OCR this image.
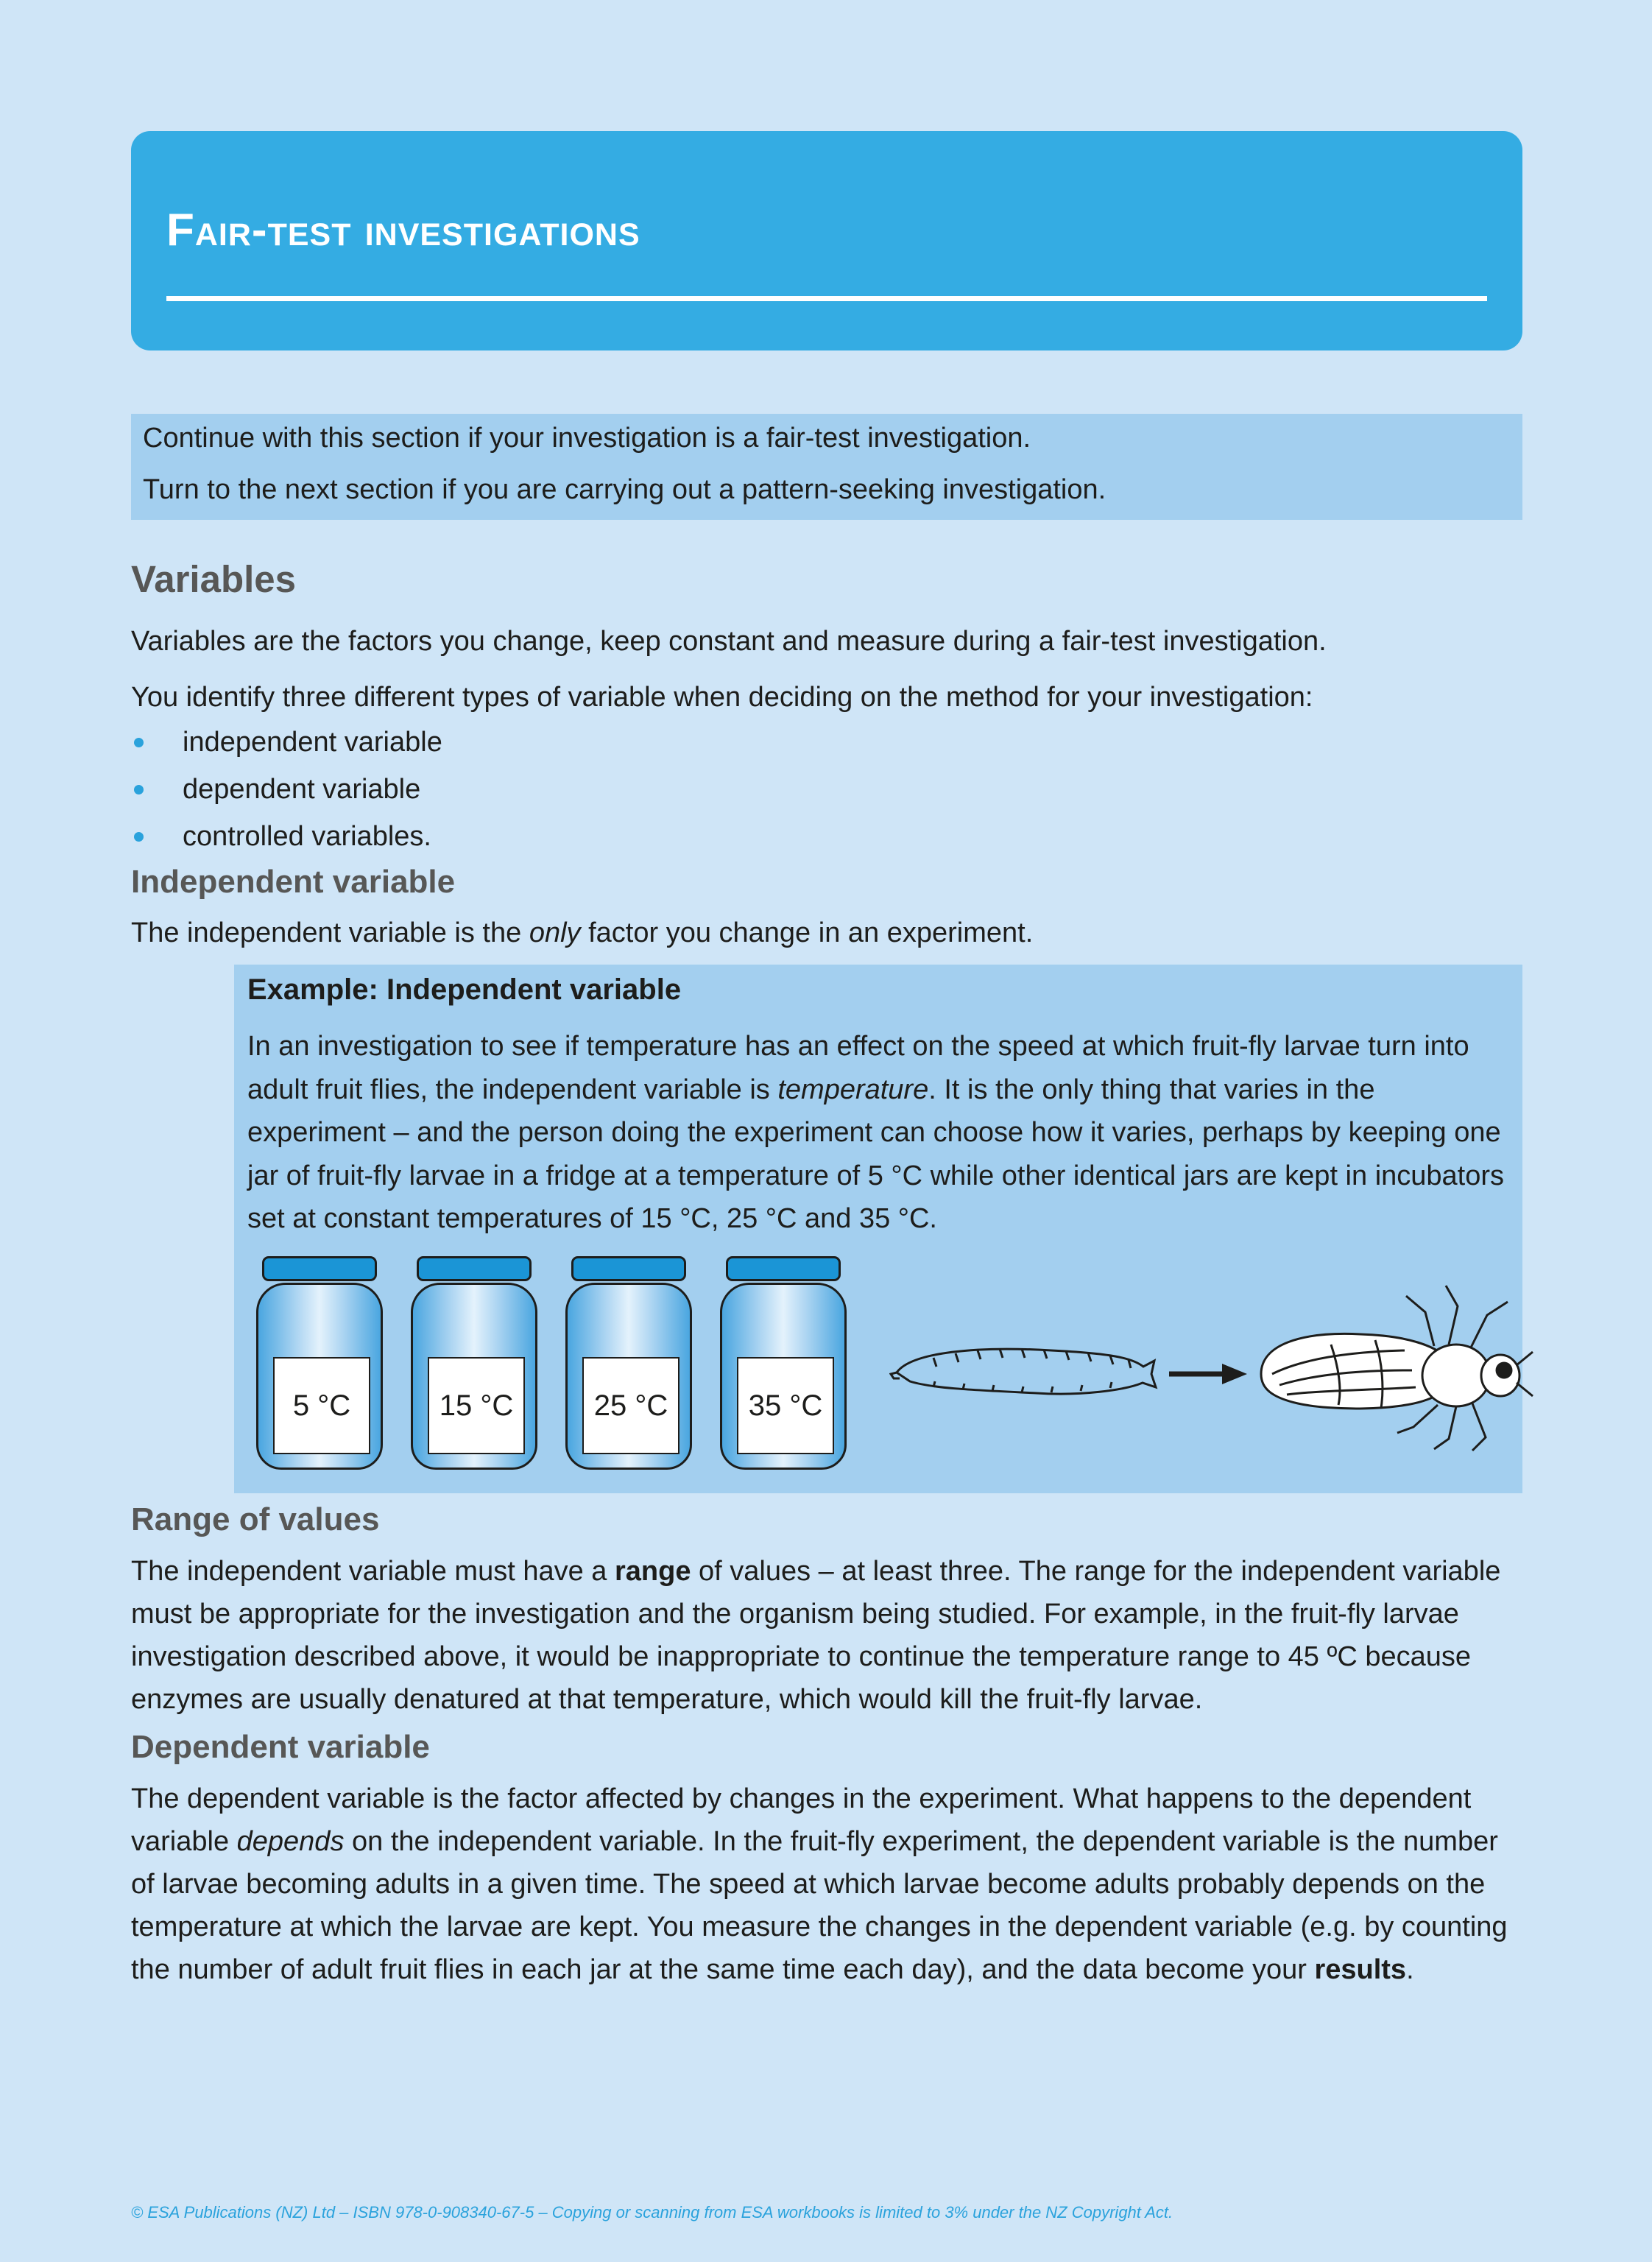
Fair-test investigations

Continue with this section if your investigation is a fair-test investigation.

Turn to the next section if you are carrying out a pattern-seeking investigation.

Variables

Variables are the factors you change, keep constant and measure during a fair-test investigation.

You identify three different types of variable when deciding on the method for your investigation:

independent variable
dependent variable
controlled variables.
Independent variable

The independent variable is the only factor you change in an experiment.

Example: Independent variable

In an investigation to see if temperature has an effect on the speed at which fruit-fly larvae turn into adult fruit flies, the independent variable is temperature. It is the only thing that varies in the experiment – and the person doing the experiment can choose how it varies, perhaps by keeping one jar of fruit-fly larvae in a fridge at a temperature of 5 °C while other identical jars are kept in incubators set at constant temperatures of 15 °C, 25 °C and 35 °C.

5 °C	15 °C	25 °C	35 °C
Range of values

The independent variable must have a range of values – at least three. The range for the independent variable must be appropriate for the investigation and the organism being studied. For example, in the fruit-fly larvae investigation described above, it would be inappropriate to continue the temperature range to 45 ºC because enzymes are usually denatured at that temperature, which would kill the fruit-fly larvae.

Dependent variable

The dependent variable is the factor affected by changes in the experiment. What happens to the dependent variable depends on the independent variable. In the fruit-fly experiment, the dependent variable is the number of larvae becoming adults in a given time. The speed at which larvae become adults probably depends on the temperature at which the larvae are kept. You measure the changes in the dependent variable (e.g. by counting the number of adult fruit flies in each jar at the same time each day), and the data become your results.

© ESA Publications (NZ) Ltd – ISBN 978-0-908340-67-5 – Copying or scanning from ESA workbooks is limited to 3% under the NZ Copyright Act.
